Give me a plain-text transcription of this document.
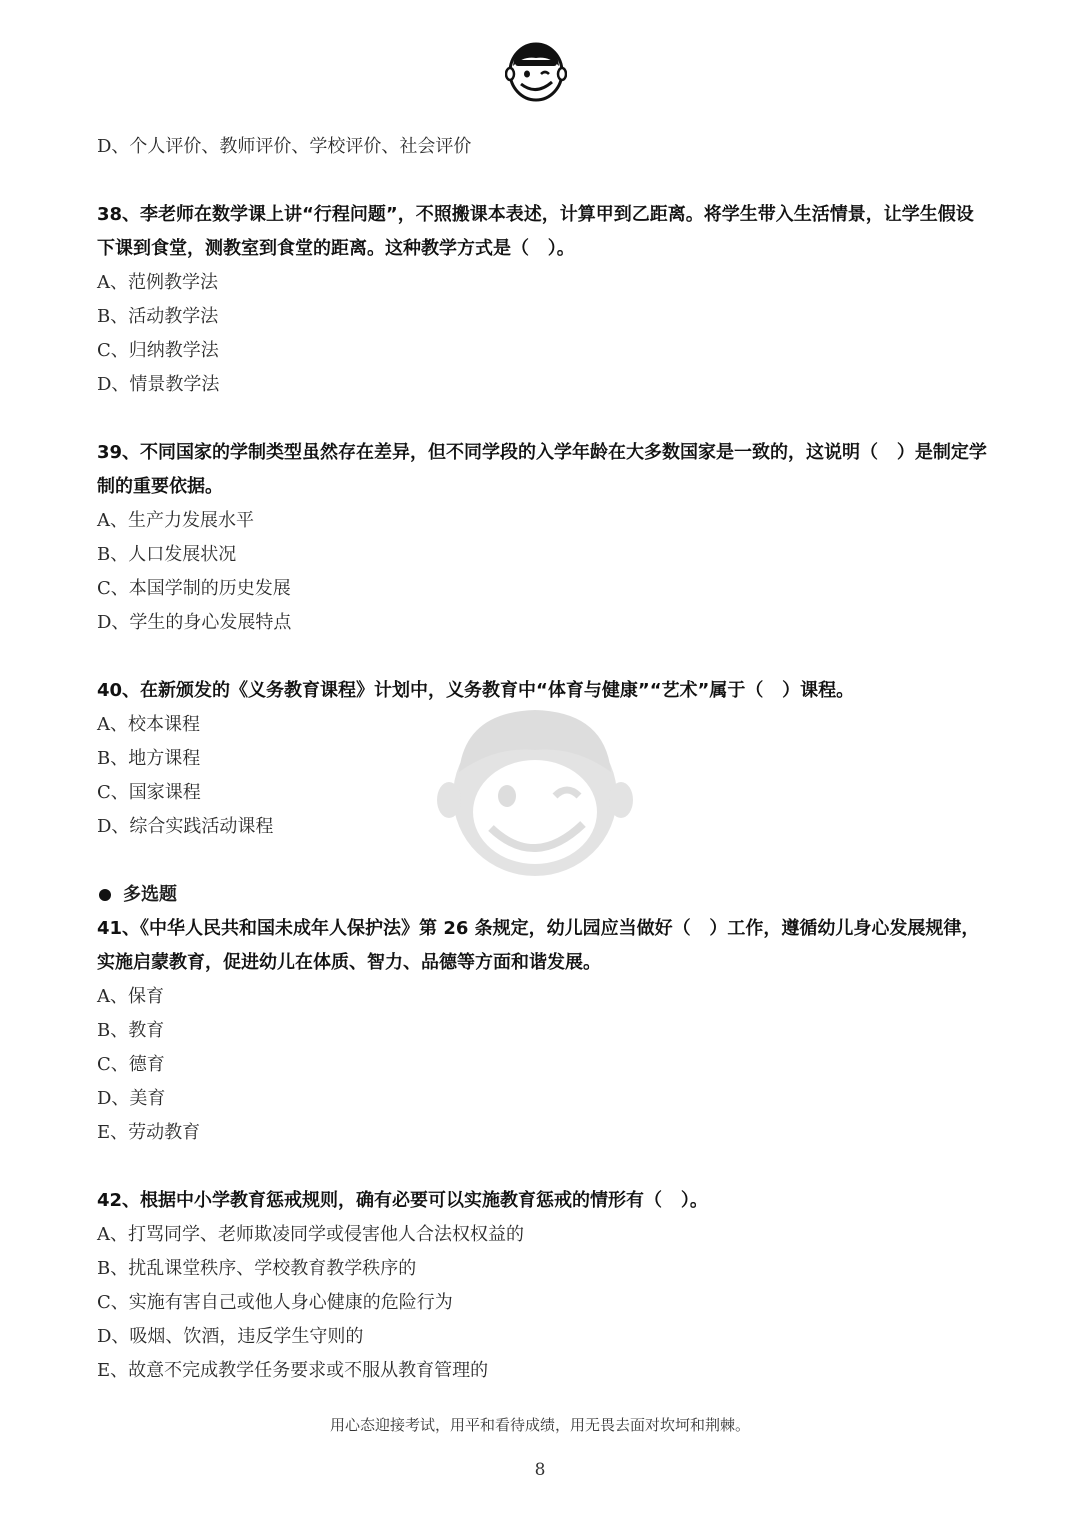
D、个人评价、教师评价、学校评价、社会评价
38、李老师在数学课上讲“行程问题”，不照搬课本表述，计算甲到乙距离。将学生带入生活情景，让学生假设下课到食堂，测教室到食堂的距离。这种教学方式是（   ）。
A、范例教学法
B、活动教学法
C、归纳教学法
D、情景教学法
39、不同国家的学制类型虽然存在差异，但不同学段的入学年龄在大多数国家是一致的，这说明（   ）是制定学制的重要依据。
A、生产力发展水平
B、人口发展状况
C、本国学制的历史发展
D、学生的身心发展特点
40、在新颁发的《义务教育课程》计划中，义务教育中“体育与健康”“艺术”属于（   ）课程。
A、校本课程
B、地方课程
C、国家课程
D、综合实践活动课程
多选题
41、《中华人民共和国未成年人保护法》第 26 条规定，幼儿园应当做好（   ）工作，遵循幼儿身心发展规律，实施启蒙教育，促进幼儿在体质、智力、品德等方面和谐发展。
A、保育
B、教育
C、德育
D、美育
E、劳动教育
42、根据中小学教育惩戒规则，确有必要可以实施教育惩戒的情形有（   ）。
A、打骂同学、老师欺凌同学或侵害他人合法权权益的
B、扰乱课堂秩序、学校教育教学秩序的
C、实施有害自己或他人身心健康的危险行为
D、吸烟、饮酒，违反学生守则的
E、故意不完成教学任务要求或不服从教育管理的
用心态迎接考试，用平和看待成绩，用无畏去面对坎坷和荆棘。
8
